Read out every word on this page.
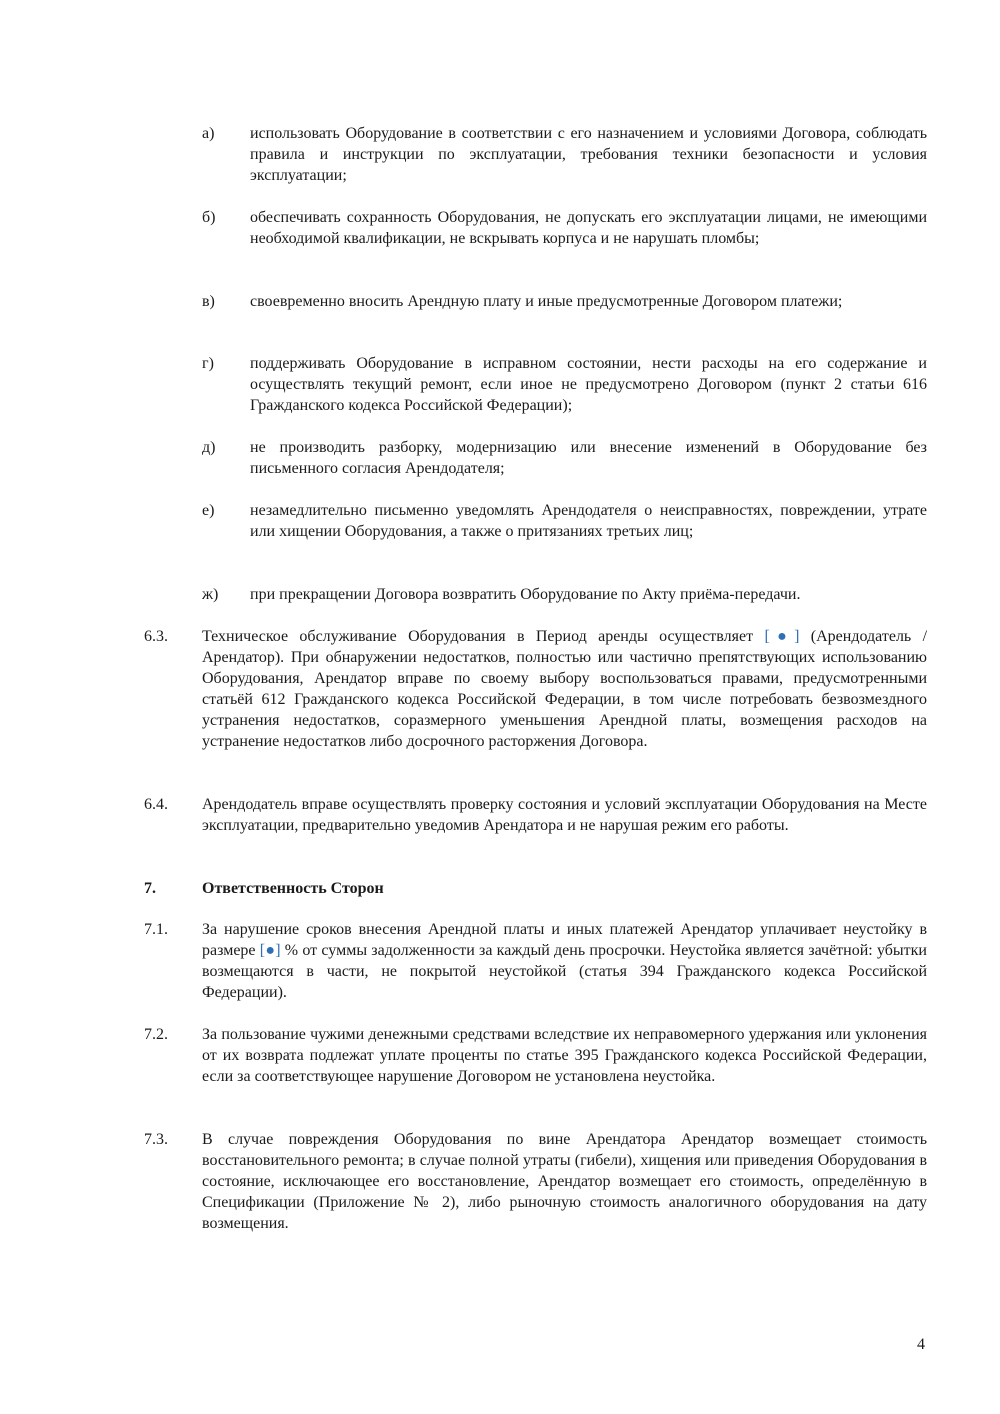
а) использовать Оборудование в соответствии с его назначением и условиями Договора, соблюдать правила и инструкции по эксплуатации, требования техники безопасности и условия эксплуатации;
б) обеспечивать сохранность Оборудования, не допускать его эксплуатации лицами, не имеющими необходимой квалификации, не вскрывать корпуса и не нарушать пломбы;
в) своевременно вносить Арендную плату и иные предусмотренные Договором платежи;
г) поддерживать Оборудование в исправном состоянии, нести расходы на его содержание и осуществлять текущий ремонт, если иное не предусмотрено Договором (пункт 2 статьи 616 Гражданского кодекса Российской Федерации);
д) не производить разборку, модернизацию или внесение изменений в Оборудование без письменного согласия Арендодателя;
е) незамедлительно письменно уведомлять Арендодателя о неисправностях, повреждении, утрате или хищении Оборудования, а также о притязаниях третьих лиц;
ж) при прекращении Договора возвратить Оборудование по Акту приёма-передачи.
6.3. Техническое обслуживание Оборудования в Период аренды осуществляет [●] (Арендодатель / Арендатор). При обнаружении недостатков, полностью или частично препятствующих использованию Оборудования, Арендатор вправе по своему выбору воспользоваться правами, предусмотренными статьёй 612 Гражданского кодекса Российской Федерации, в том числе потребовать безвозмездного устранения недостатков, соразмерного уменьшения Арендной платы, возмещения расходов на устранение недостатков либо досрочного расторжения Договора.
6.4. Арендодатель вправе осуществлять проверку состояния и условий эксплуатации Оборудования на Месте эксплуатации, предварительно уведомив Арендатора и не нарушая режим его работы.
7.	Ответственность Сторон
7.1. За нарушение сроков внесения Арендной платы и иных платежей Арендатор уплачивает неустойку в размере [●] % от суммы задолженности за каждый день просрочки. Неустойка является зачётной: убытки возмещаются в части, не покрытой неустойкой (статья 394 Гражданского кодекса Российской Федерации).
7.2. За пользование чужими денежными средствами вследствие их неправомерного удержания или уклонения от их возврата подлежат уплате проценты по статье 395 Гражданского кодекса Российской Федерации, если за соответствующее нарушение Договором не установлена неустойка.
7.3. В случае повреждения Оборудования по вине Арендатора Арендатор возмещает стоимость восстановительного ремонта; в случае полной утраты (гибели), хищения или приведения Оборудования в состояние, исключающее его восстановление, Арендатор возмещает его стоимость, определённую в Спецификации (Приложение № 2), либо рыночную стоимость аналогичного оборудования на дату возмещения.
4
